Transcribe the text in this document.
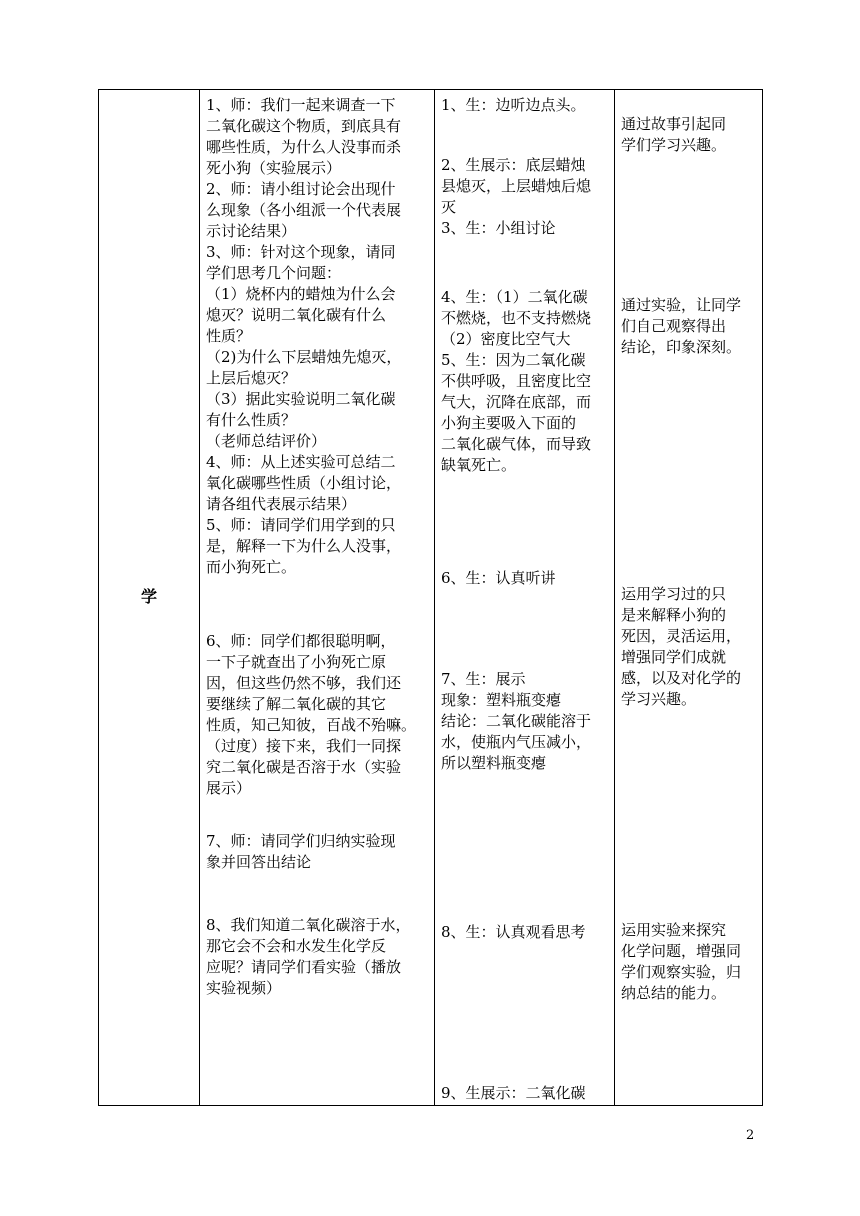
学
1、师：我们一起来调查一下
二氧化碳这个物质，到底具有
哪些性质，为什么人没事而杀
死小狗（实验展示）
2、师：请小组讨论会出现什
么现象（各小组派一个代表展
示讨论结果）
3、师：针对这个现象，请同
学们思考几个问题：
（1）烧杯内的蜡烛为什么会
熄灭？说明二氧化碳有什么
性质？
（2)为什么下层蜡烛先熄灭，
上层后熄灭？
（3）据此实验说明二氧化碳
有什么性质？
（老师总结评价）
4、师：从上述实验可总结二
氧化碳哪些性质（小组讨论，
请各组代表展示结果）
5、师：请同学们用学到的只
是，解释一下为什么人没事，
而小狗死亡。
6、师：同学们都很聪明啊，
一下子就查出了小狗死亡原
因，但这些仍然不够，我们还
要继续了解二氧化碳的其它
性质，知己知彼，百战不殆嘛。
（过度）接下来，我们一同探
究二氧化碳是否溶于水（实验
展示）
7、师：请同学们归纳实验现
象并回答出结论
8、我们知道二氧化碳溶于水，
那它会不会和水发生化学反
应呢？请同学们看实验（播放
实验视频）
1、生：边听边点头。
2、生展示：底层蜡烛
县熄灭，上层蜡烛后熄
灭
3、生：小组讨论
4、生：（1）二氧化碳
不燃烧，也不支持燃烧
（2）密度比空气大
5、生：因为二氧化碳
不供呼吸，且密度比空
气大，沉降在底部，而
小狗主要吸入下面的
二氧化碳气体，而导致
缺氧死亡。
6、生：认真听讲
7、生：展示
现象：塑料瓶变瘪
结论：二氧化碳能溶于
水，使瓶内气压减小，
所以塑料瓶变瘪
8、生：认真观看思考
9、生展示：二氧化碳
通过故事引起同
学们学习兴趣。
通过实验，让同学
们自己观察得出
结论，印象深刻。
运用学习过的只
是来解释小狗的
死因，灵活运用，
增强同学们成就
感，以及对化学的
学习兴趣。
运用实验来探究
化学问题，增强同
学们观察实验，归
纳总结的能力。
2
